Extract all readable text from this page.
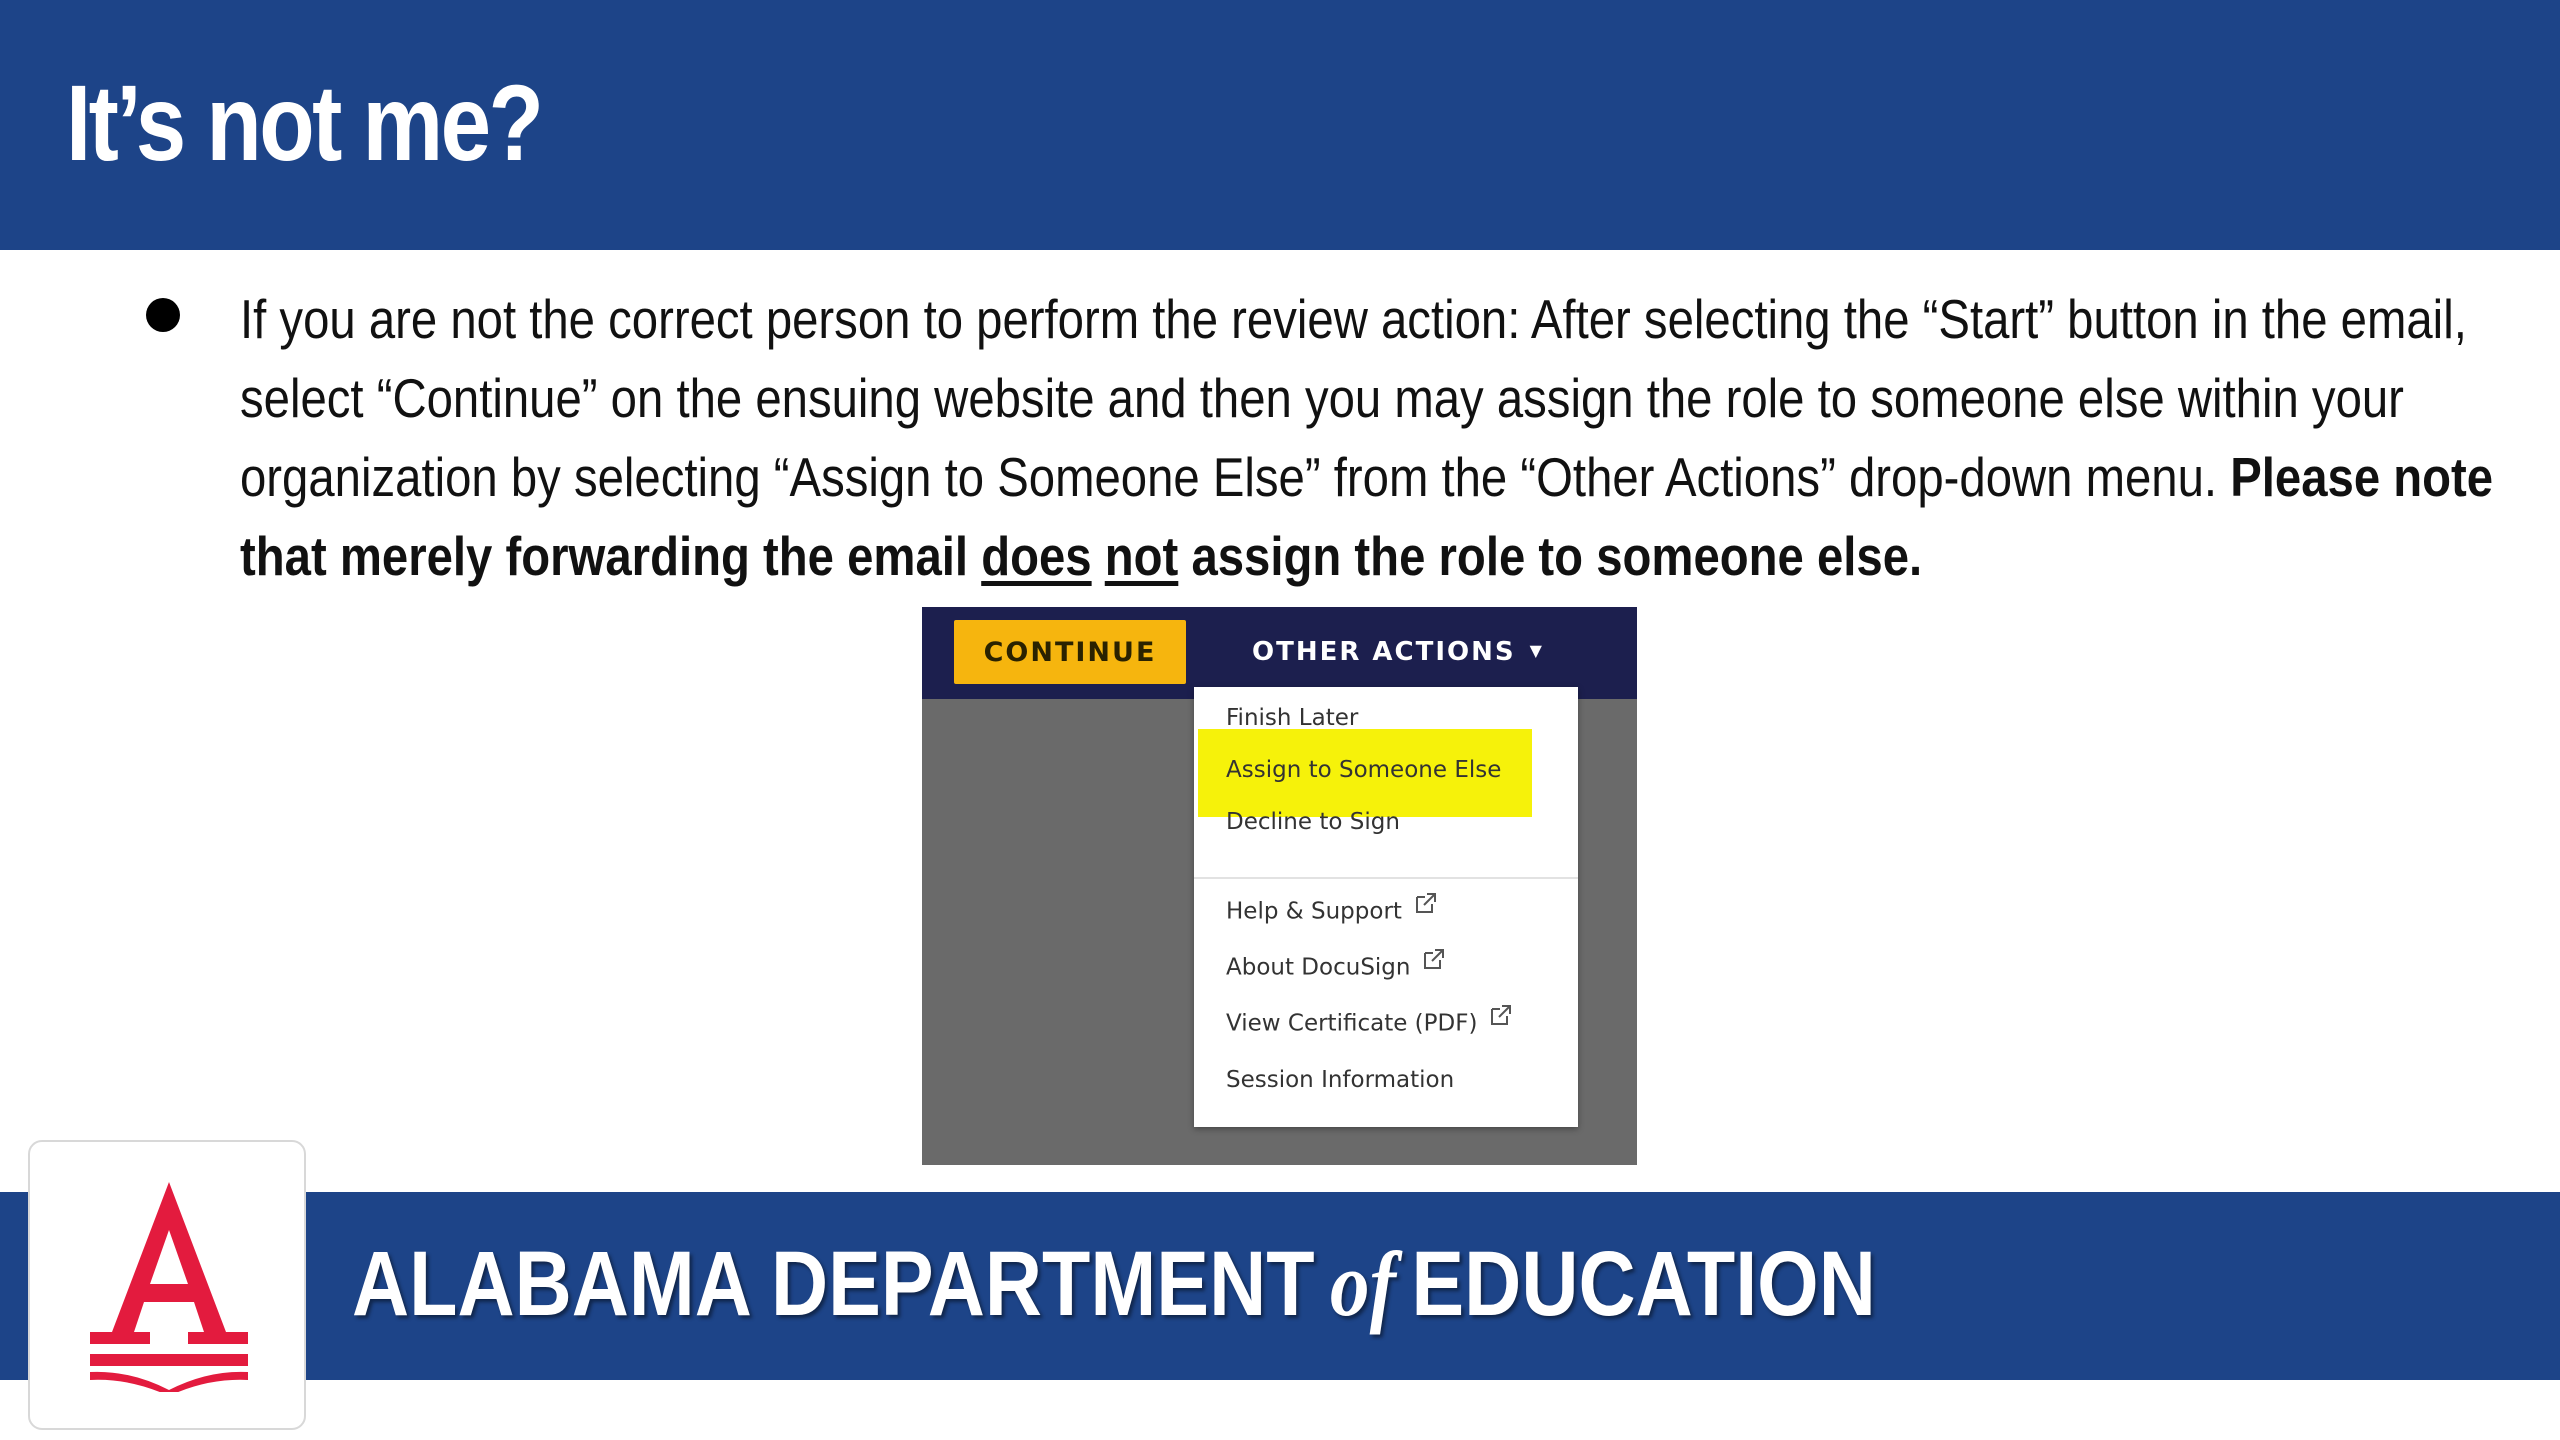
It’s not me?

If you are not the correct person to perform the review action: After selecting the “Start” button in the email, select “Continue” on the ensuing website and then you may assign the role to someone else within your organization by selecting “Assign to Someone Else” from the “Other Actions” drop-down menu. Please note that merely forwarding the email does not assign the role to someone else.

CONTINUE	OTHER ACTIONS ▼
Finish Later
Assign to Someone Else
Decline to Sign
Help & Support
About DocuSign
View Certificate (PDF)
Session Information

ALABAMA DEPARTMENT of EDUCATION
